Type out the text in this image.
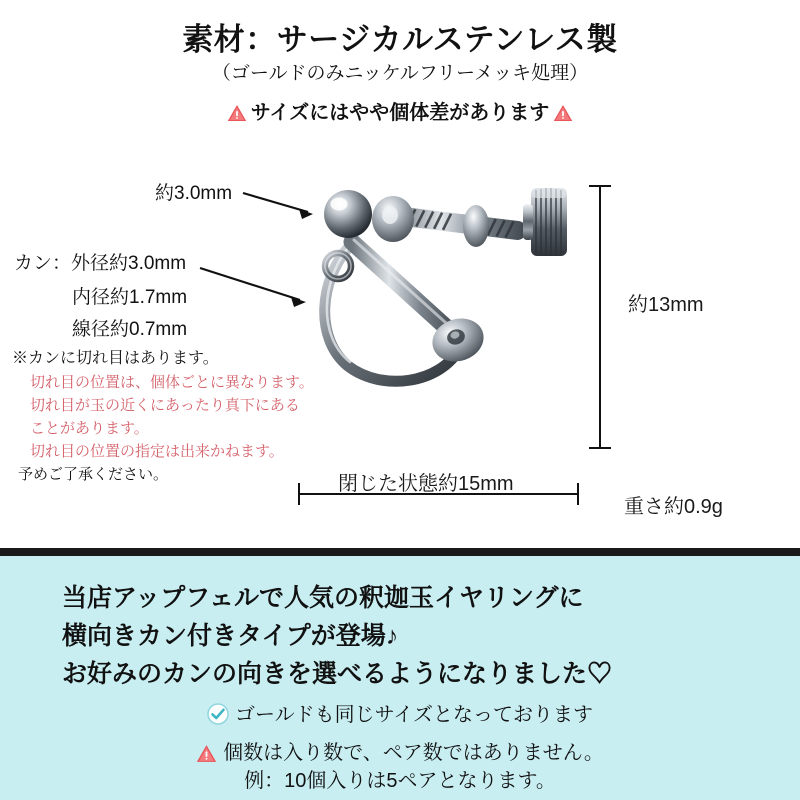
素材：サージカルステンレス製
（ゴールドのみニッケルフリーメッキ処理）
サイズにはやや個体差があります
約3.0mm
カン：外径約3.0mm
内径約1.7mm
線径約0.7mm
※カンに切れ目はあります。
切れ目の位置は、個体ごとに異なります。
切れ目が玉の近くにあったり真下にある
ことがあります。
切れ目の位置の指定は出来かねます。
予めご了承ください。
約13mm
閉じた状態約15mm
重さ約0.9g
当店アップフェルで人気の釈迦玉イヤリングに
横向きカン付きタイプが登場♪
お好みのカンの向きを選べるようになりました♡
ゴールドも同じサイズとなっております
個数は入り数で、ペア数ではありません。
例：10個入りは5ペアとなります。
